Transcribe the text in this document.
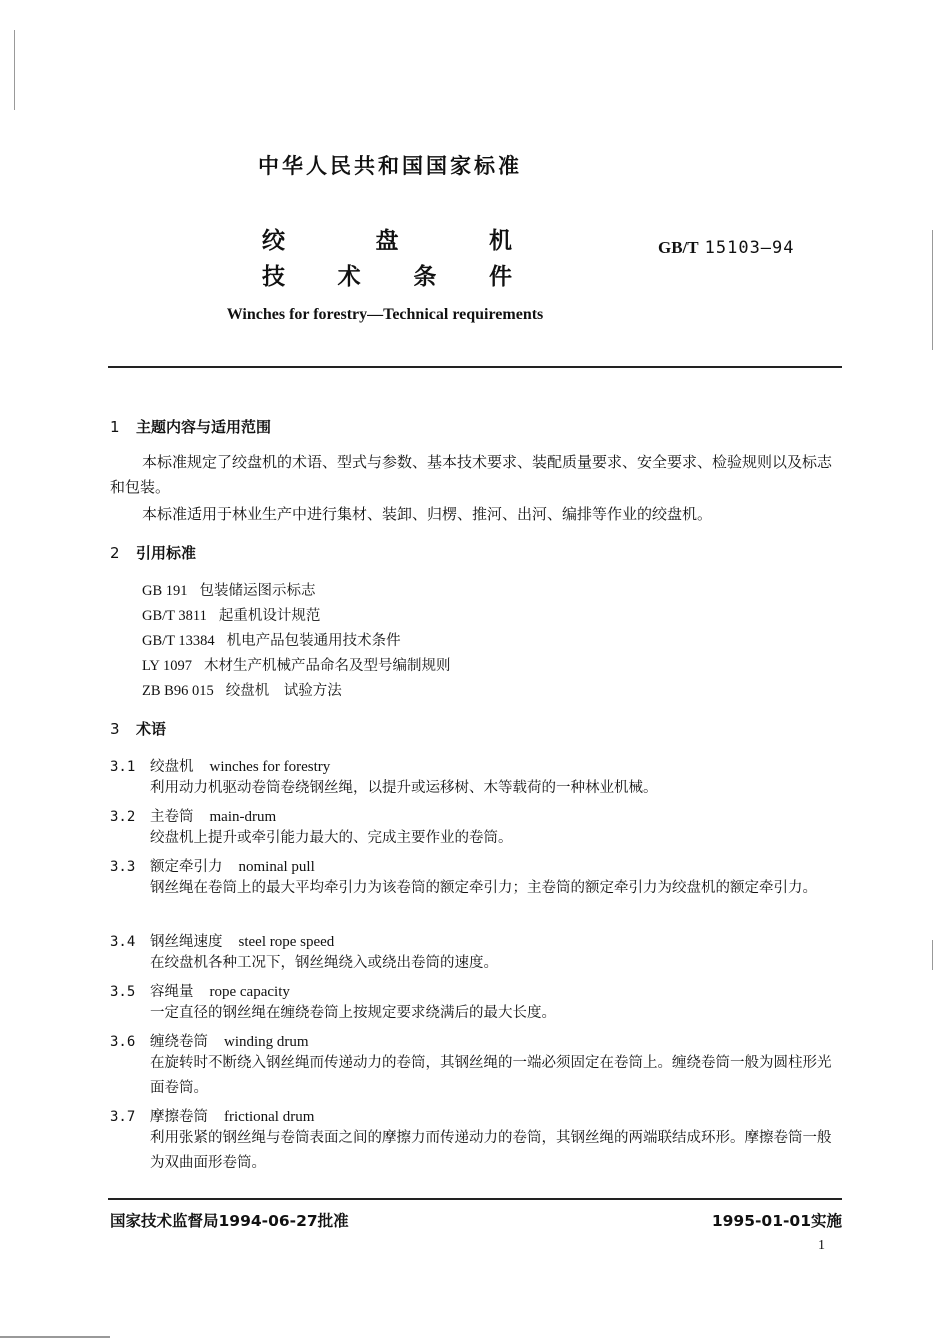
中华人民共和国国家标准
绞	盘	机
技 术 条 件
GB/T 15103—94
Winches for forestry—Technical requirements
1 主题内容与适用范围
本标准规定了绞盘机的术语、型式与参数、基本技术要求、装配质量要求、安全要求、检验规则以及标志和包装。
本标准适用于林业生产中进行集材、装卸、归楞、推河、出河、编排等作业的绞盘机。
2 引用标准
GB 191 包装储运图示标志
GB/T 3811 起重机设计规范
GB/T 13384 机电产品包装通用技术条件
LY 1097 木材生产机械产品命名及型号编制规则
ZB B96 015 绞盘机　试验方法
3 术语
3.1 绞盘机 winches for forestry
利用动力机驱动卷筒卷绕钢丝绳，以提升或运移树、木等载荷的一种林业机械。
3.2 主卷筒 main-drum
绞盘机上提升或牵引能力最大的、完成主要作业的卷筒。
3.3 额定牵引力 nominal pull
钢丝绳在卷筒上的最大平均牵引力为该卷筒的额定牵引力；主卷筒的额定牵引力为绞盘机的额定牵引力。
3.4 钢丝绳速度 steel rope speed
在绞盘机各种工况下，钢丝绳绕入或绕出卷筒的速度。
3.5 容绳量 rope capacity
一定直径的钢丝绳在缠绕卷筒上按规定要求绕满后的最大长度。
3.6 缠绕卷筒 winding drum
在旋转时不断绕入钢丝绳而传递动力的卷筒，其钢丝绳的一端必须固定在卷筒上。缠绕卷筒一般为圆柱形光面卷筒。
3.7 摩擦卷筒 frictional drum
利用张紧的钢丝绳与卷筒表面之间的摩擦力而传递动力的卷筒，其钢丝绳的两端联结成环形。摩擦卷筒一般为双曲面形卷筒。
国家技术监督局1994-06-27批准	1995-01-01实施
1
